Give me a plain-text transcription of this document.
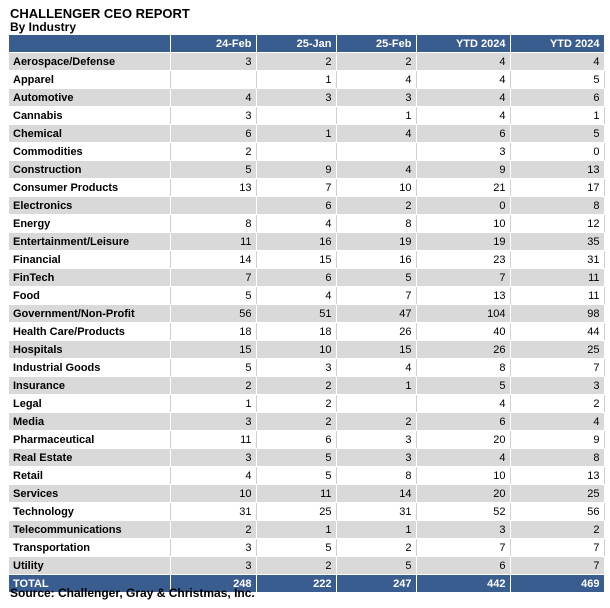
CHALLENGER CEO REPORT
By Industry
	24-Feb	25-Jan	25-Feb	YTD 2024	YTD 2024
Aerospace/Defense	3	2	2	4	4
Apparel		1	4	4	5
Automotive	4	3	3	4	6
Cannabis	3		1	4	1
Chemical	6	1	4	6	5
Commodities	2			3	0
Construction	5	9	4	9	13
Consumer Products	13	7	10	21	17
Electronics		6	2	0	8
Energy	8	4	8	10	12
Entertainment/Leisure	11	16	19	19	35
Financial	14	15	16	23	31
FinTech	7	6	5	7	11
Food	5	4	7	13	11
Government/Non-Profit	56	51	47	104	98
Health Care/Products	18	18	26	40	44
Hospitals	15	10	15	26	25
Industrial Goods	5	3	4	8	7
Insurance	2	2	1	5	3
Legal	1	2		4	2
Media	3	2	2	6	4
Pharmaceutical	11	6	3	20	9
Real Estate	3	5	3	4	8
Retail	4	5	8	10	13
Services	10	11	14	20	25
Technology	31	25	31	52	56
Telecommunications	2	1	1	3	2
Transportation	3	5	2	7	7
Utility	3	2	5	6	7
TOTAL	248	222	247	442	469
Source: Challenger, Gray & Christmas, Inc.
